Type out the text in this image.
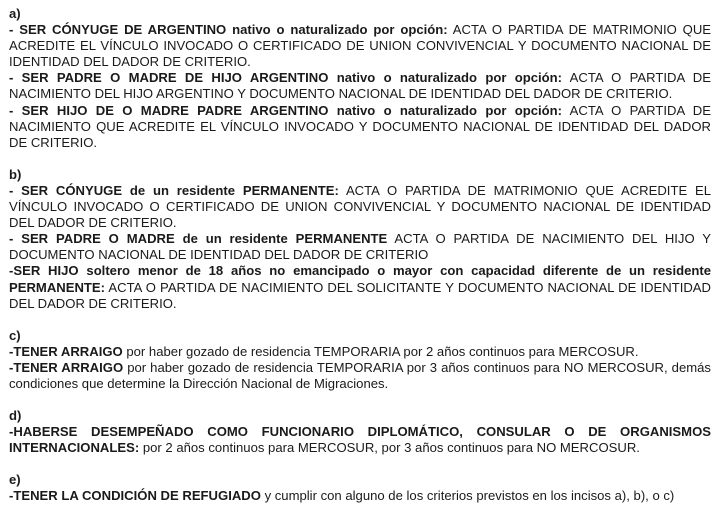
a)
- SER CÓNYUGE DE ARGENTINO nativo o naturalizado por opción: ACTA O PARTIDA DE MATRIMONIO QUE ACREDITE EL VÍNCULO INVOCADO O CERTIFICADO DE UNION CONVIVENCIAL Y DOCUMENTO NACIONAL DE IDENTIDAD DEL DADOR DE CRITERIO.
- SER PADRE O MADRE DE HIJO ARGENTINO nativo o naturalizado por opción: ACTA O PARTIDA DE NACIMIENTO DEL HIJO ARGENTINO Y DOCUMENTO NACIONAL DE IDENTIDAD DEL DADOR DE CRITERIO.
- SER HIJO DE O MADRE PADRE ARGENTINO nativo o naturalizado por opción: ACTA O PARTIDA DE NACIMIENTO QUE ACREDITE EL VÍNCULO INVOCADO Y DOCUMENTO NACIONAL DE IDENTIDAD DEL DADOR DE CRITERIO.
b)
- SER CÓNYUGE de un residente PERMANENTE: ACTA O PARTIDA DE MATRIMONIO QUE ACREDITE EL VÍNCULO INVOCADO O CERTIFICADO DE UNION CONVIVENCIAL Y DOCUMENTO NACIONAL DE IDENTIDAD DEL DADOR DE CRITERIO.
- SER PADRE O MADRE de un residente PERMANENTE ACTA O PARTIDA DE NACIMIENTO DEL HIJO Y DOCUMENTO NACIONAL DE IDENTIDAD DEL DADOR DE CRITERIO
-SER HIJO soltero menor de 18 años no emancipado o mayor con capacidad diferente de un residente PERMANENTE: ACTA O PARTIDA DE NACIMIENTO DEL SOLICITANTE Y DOCUMENTO NACIONAL DE IDENTIDAD DEL DADOR DE CRITERIO.
c)
-TENER ARRAIGO por haber gozado de residencia TEMPORARIA por 2 años continuos para MERCOSUR.
-TENER ARRAIGO por haber gozado de residencia TEMPORARIA por 3 años continuos para NO MERCOSUR, demás condiciones que determine la Dirección Nacional de Migraciones.
d)
-HABERSE DESEMPEÑADO COMO FUNCIONARIO DIPLOMÁTICO, CONSULAR O DE ORGANISMOS INTERNACIONALES: por 2 años continuos para MERCOSUR, por 3 años continuos para NO MERCOSUR.
e)
-TENER LA CONDICIÓN DE REFUGIADO y cumplir con alguno de los criterios previstos en los incisos a), b), o c)
